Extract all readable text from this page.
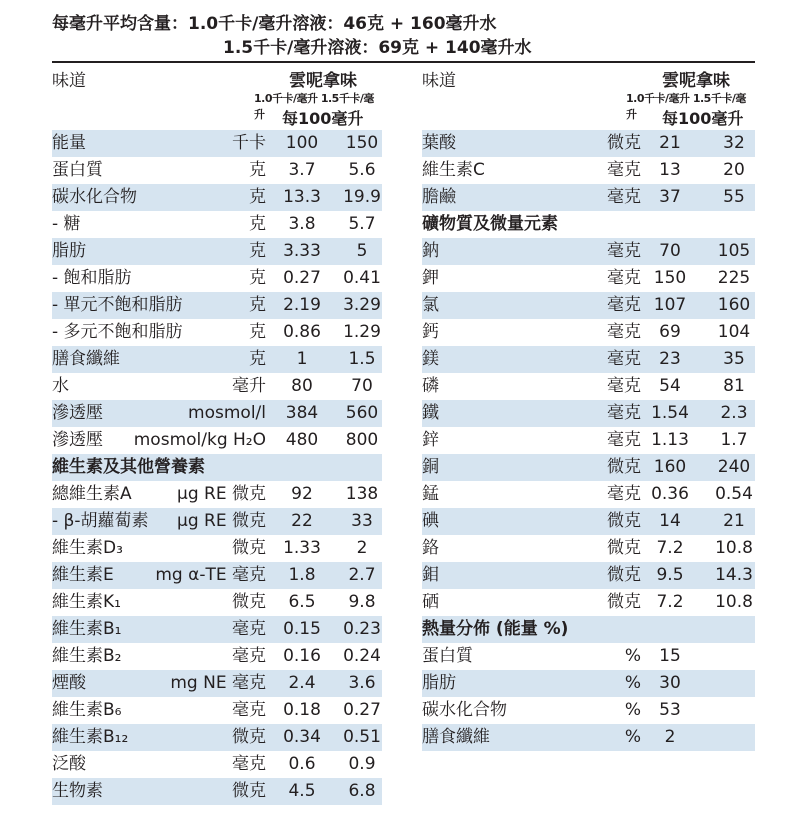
每毫升平均含量：1.0千卡/毫升溶液：46克 + 160毫升水
1.5千卡/毫升溶液：69克 + 140毫升水
味道	雲呢拿味
1.0千卡/毫升 1.5千卡/毫升	每100毫升
能量	千卡	100	150
蛋白質	克	3.7	5.6
碳水化合物	克	13.3	19.9
- 糖	克	3.8	5.7
脂肪	克	3.33	5
- 飽和脂肪	克	0.27	0.41
- 單元不飽和脂肪	克	2.19	3.29
- 多元不飽和脂肪	克	0.86	1.29
膳食纖維	克	1	1.5
水	毫升	80	70
滲透壓	mosmol/l	384	560
滲透壓 mosmol/kg H₂O	480	800
維生素及其他營養素
總維生素A	μg RE 微克	92	138
- β-胡蘿蔔素 μg RE 微克	22	33
維生素D₃	微克	1.33	2
維生素E mg α-TE 毫克	1.8	2.7
維生素K₁	微克	6.5	9.8
維生素B₁	毫克	0.15	0.23
維生素B₂	毫克	0.16	0.24
煙酸	mg NE 毫克	2.4	3.6
維生素B₆	毫克	0.18	0.27
維生素B₁₂	微克	0.34	0.51
泛酸	毫克	0.6	0.9
生物素	微克	4.5	6.8
味道	雲呢拿味
1.0千卡/毫升 1.5千卡/毫升	每100毫升
葉酸	微克	21	32
維生素C	毫克	13	20
膽鹼	毫克	37	55
礦物質及微量元素
鈉	毫克	70	105
鉀	毫克 150	225
氯	毫克 107	160
鈣	毫克	69	104
鎂	毫克	23	35
磷	毫克	54	81
鐵	毫克 1.54	2.3
鋅	毫克 1.13	1.7
銅	微克 160	240
錳	毫克 0.36	0.54
碘	微克	14	21
鉻	微克 7.2	10.8
鉬	微克 9.5	14.3
硒	微克 7.2	10.8
熱量分佈 (能量 %)
蛋白質	%	15
脂肪	%	30
碳水化合物	%	53
膳食纖維	%	2
